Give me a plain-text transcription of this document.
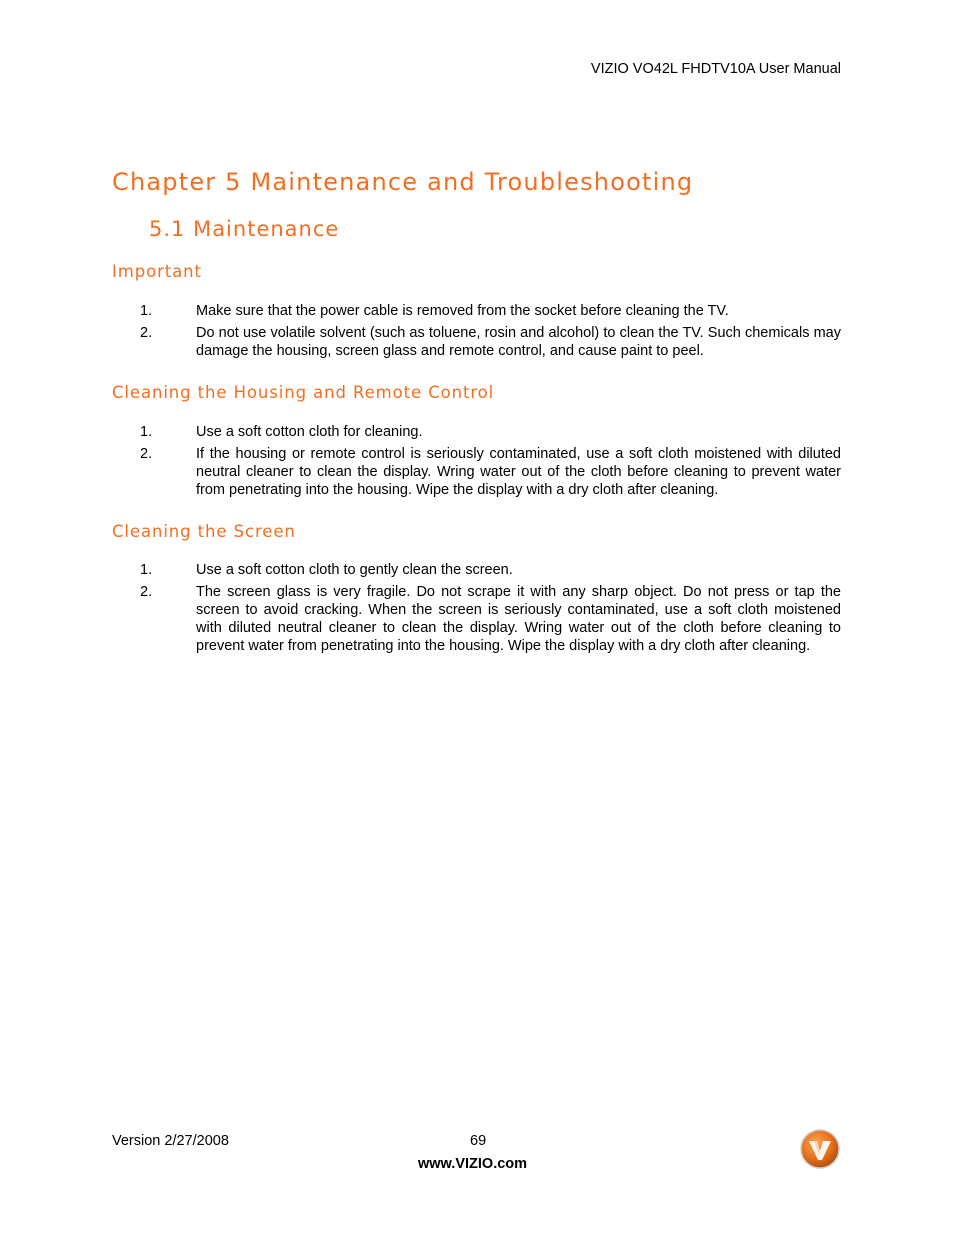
VIZIO VO42L FHDTV10A User Manual
Chapter 5 Maintenance and Troubleshooting
5.1 Maintenance
Important
1.	Make sure that the power cable is removed from the socket before cleaning the TV.
2.	Do not use volatile solvent (such as toluene, rosin and alcohol) to clean the TV. Such chemicals may damage the housing, screen glass and remote control, and cause paint to peel.
Cleaning the Housing and Remote Control
1.	Use a soft cotton cloth for cleaning.
2.	If the housing or remote control is seriously contaminated, use a soft cloth moistened with diluted neutral cleaner to clean the display. Wring water out of the cloth before cleaning to prevent water from penetrating into the housing. Wipe the display with a dry cloth after cleaning.
Cleaning the Screen
1.	Use a soft cotton cloth to gently clean the screen.
2.	The screen glass is very fragile. Do not scrape it with any sharp object. Do not press or tap the screen to avoid cracking. When the screen is seriously contaminated, use a soft cloth moistened with diluted neutral cleaner to clean the display. Wring water out of the cloth before cleaning to prevent water from penetrating into the housing. Wipe the display with a dry cloth after cleaning.
Version 2/27/2008	69
www.VIZIO.com
